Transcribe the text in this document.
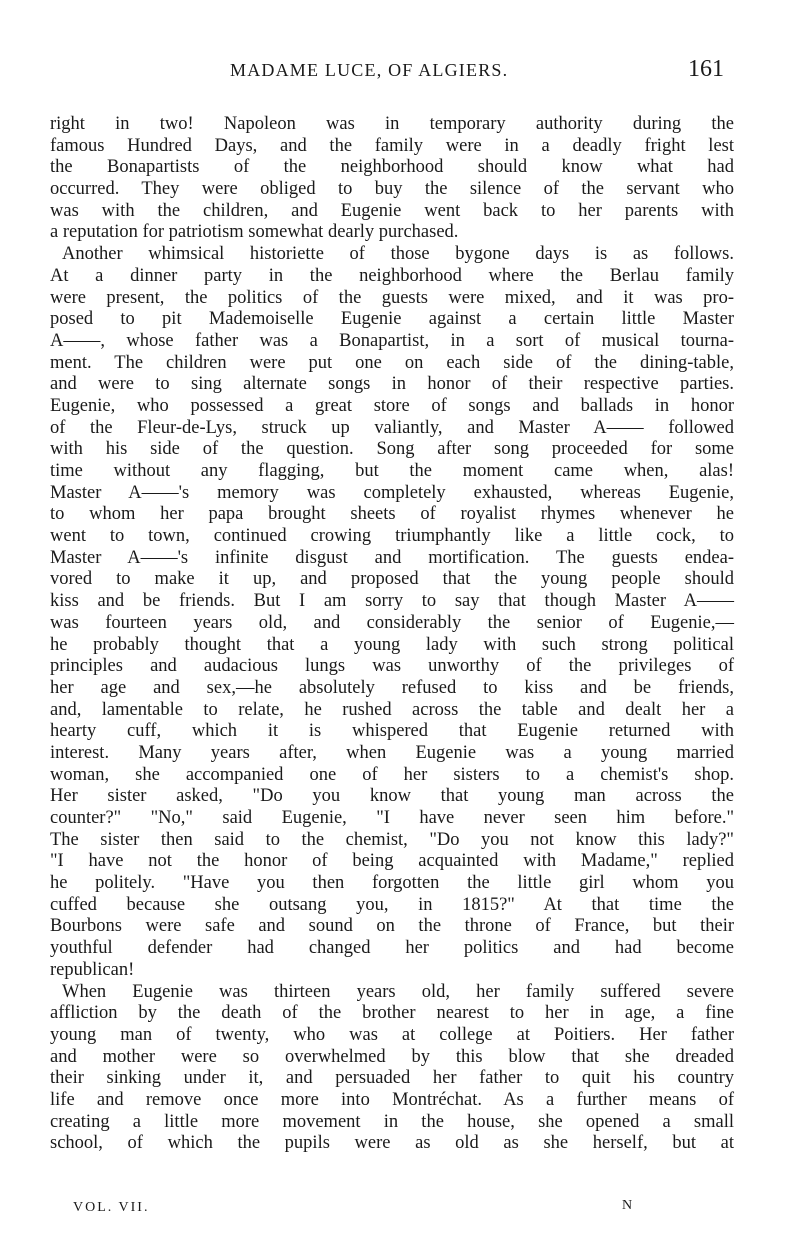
MADAME LUCE, OF ALGIERS.	161
right in two! Napoleon was in temporary authority during the
famous Hundred Days, and the family were in a deadly fright lest
the Bonapartists of the neighborhood should know what had
occurred. They were obliged to buy the silence of the servant who
was with the children, and Eugenie went back to her parents with
a reputation for patriotism somewhat dearly purchased.
Another whimsical historiette of those bygone days is as follows.
At a dinner party in the neighborhood where the Berlau family
were present, the politics of the guests were mixed, and it was pro-
posed to pit Mademoiselle Eugenie against a certain little Master
A——, whose father was a Bonapartist, in a sort of musical tourna-
ment. The children were put one on each side of the dining-table,
and were to sing alternate songs in honor of their respective parties.
Eugenie, who possessed a great store of songs and ballads in honor
of the Fleur-de-Lys, struck up valiantly, and Master A—— followed
with his side of the question. Song after song proceeded for some
time without any flagging, but the moment came when, alas!
Master A——'s memory was completely exhausted, whereas Eugenie,
to whom her papa brought sheets of royalist rhymes whenever he
went to town, continued crowing triumphantly like a little cock, to
Master A——'s infinite disgust and mortification. The guests endea-
vored to make it up, and proposed that the young people should
kiss and be friends. But I am sorry to say that though Master A——
was fourteen years old, and considerably the senior of Eugenie,—
he probably thought that a young lady with such strong political
principles and audacious lungs was unworthy of the privileges of
her age and sex,—he absolutely refused to kiss and be friends,
and, lamentable to relate, he rushed across the table and dealt her a
hearty cuff, which it is whispered that Eugenie returned with
interest. Many years after, when Eugenie was a young married
woman, she accompanied one of her sisters to a chemist's shop.
Her sister asked, "Do you know that young man across the
counter?" "No," said Eugenie, "I have never seen him before."
The sister then said to the chemist, "Do you not know this lady?"
"I have not the honor of being acquainted with Madame," replied
he politely. "Have you then forgotten the little girl whom you
cuffed because she outsang you, in 1815?" At that time the
Bourbons were safe and sound on the throne of France, but their
youthful defender had changed her politics and had become
republican!
When Eugenie was thirteen years old, her family suffered severe
affliction by the death of the brother nearest to her in age, a fine
young man of twenty, who was at college at Poitiers. Her father
and mother were so overwhelmed by this blow that she dreaded
their sinking under it, and persuaded her father to quit his country
life and remove once more into Montréchat. As a further means of
creating a little more movement in the house, she opened a small
school, of which the pupils were as old as she herself, but at
VOL. VII.	N
